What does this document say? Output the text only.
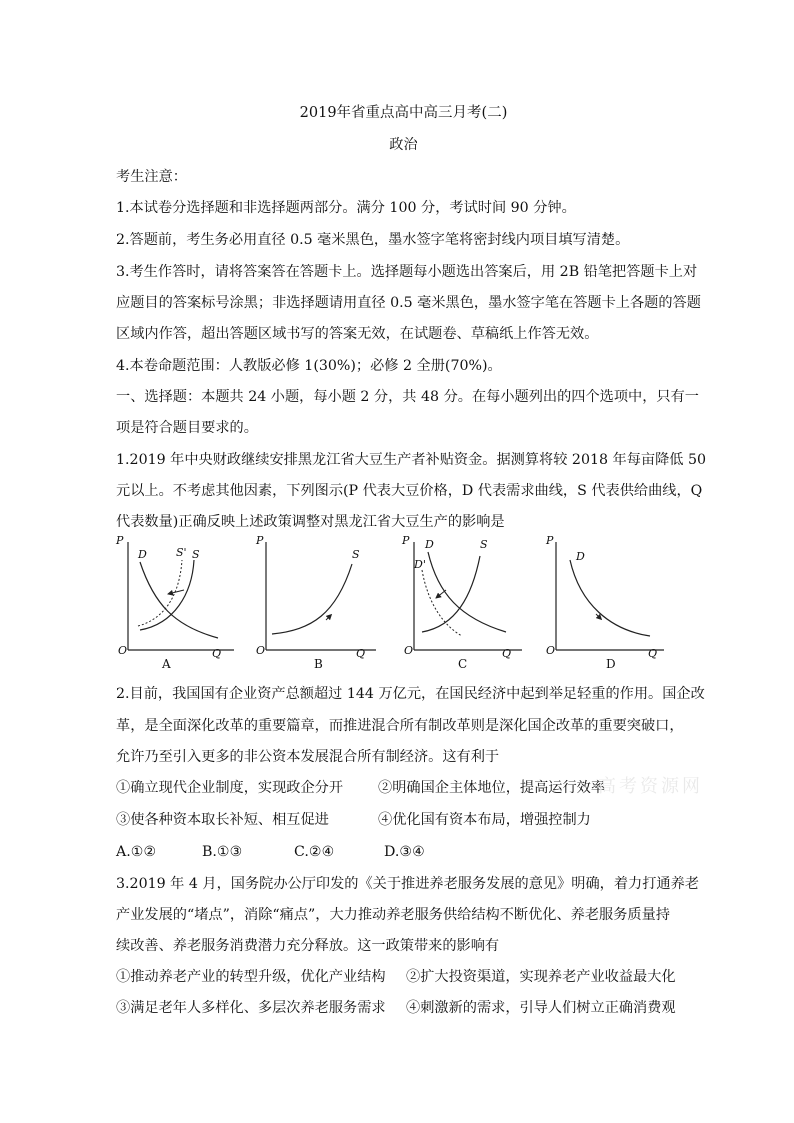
2019年省重点高中高三月考(二)
政治
考生注意：
1.本试卷分选择题和非选择题两部分。满分 100 分，考试时间 90 分钟。
2.答题前，考生务必用直径 0.5 毫米黑色，墨水签字笔将密封线内项目填写清楚。
3.考生作答时，请将答案答在答题卡上。选择题每小题选出答案后，用 2B 铅笔把答题卡上对
应题目的答案标号涂黑；非选择题请用直径 0.5 毫米黑色，墨水签字笔在答题卡上各题的答题
区域内作答，超出答题区域书写的答案无效，在试题卷、草稿纸上作答无效。
4.本卷命题范围：人教版必修 1(30%)；必修 2 全册(70%)。
一、选择题：本题共 24 小题，每小题 2 分，共 48 分。在每小题列出的四个选项中，只有一
项是符合题目要求的。
1.2019 年中央财政继续安排黑龙江省大豆生产者补贴资金。据测算将较 2018 年每亩降低 50
元以上。不考虑其他因素，下列图示(P 代表大豆价格，D 代表需求曲线，S 代表供给曲线，Q
代表数量)正确反映上述政策调整对黑龙江省大豆生产的影响是
P
D	S' S
O	Q
A
P
S
O	Q
B
P D	S
D'
O	Q
C
P
D
O	Q
D
2.目前，我国国有企业资产总额超过 144 万亿元，在国民经济中起到举足轻重的作用。国企改
革，是全面深化改革的重要篇章，而推进混合所有制改革则是深化国企改革的重要突破口，
允许乃至引入更多的非公资本发展混合所有制经济。这有利于
①确立现代企业制度，实现政企分开 ②明确国企主体地位，提高运行效率
③使各种资本取长补短、相互促进	④优化国有资本布局，增强控制力
A.①②	B.①③	C.②④	D.③④
3.2019 年 4 月，国务院办公厅印发的《关于推进养老服务发展的意见》明确，着力打通养老
产业发展的“堵点”，消除“痛点”，大力推动养老服务供给结构不断优化、养老服务质量持
续改善、养老服务消费潜力充分释放。这一政策带来的影响有
①推动养老产业的转型升级，优化产业结构 ②扩大投资渠道，实现养老产业收益最大化
③满足老年人多样化、多层次养老服务需求 ④刺激新的需求，引导人们树立正确消费观
高考资源网
